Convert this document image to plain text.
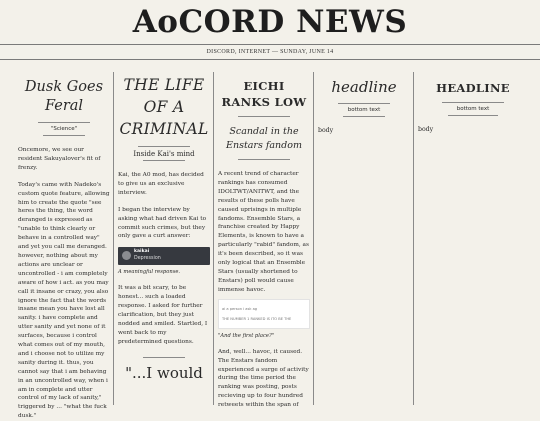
AoCORD NEWS
DISCORD, INTERNET — SUNDAY, JUNE 14
Dusk Goes Feral
"Science"

Oncemore, we see our resident Sakuyalover's fit of frenzy.

Today's came with Nadeko's custom quote feature, allowing him to create the quote "see heres the thing, the word deranged is expressed as "unable to think clearly or behave in a controlled way" and yet you call me deranged. however, nothing about my actions are unclear or uncontrolled - i am completely aware of how i act. as you may call it insane or crazy, you also ignore the fact that the words insane mean you have lost all sanity. i have complete and utter sanity and yet none of it surfaces, because i control what comes out of my mouth, and i choose not to utilize my sanity during it. thus, you cannot say that i am behaving in an uncontrolled way, when i am in complete and utter control of my lack of sanity," triggered by ... "what the fuck dusk."

THE LIFE OF A CRIMINAL
Inside Kai's mind

Kai, the A0 mod, has decided to give us an exclusive interview.

I began the interview by asking what had driven Kai to commit such crimes, but they only gave a curt answer:

kaikai
Depression
A meaningful response.

It was a bit scary, to be honest... such a loaded response. I asked for further clarification, but they just nodded and smiled. Startled, I went back to my predetermined questions.

"...I would
EICHI RANKS LOW
Scandal in the Enstars fandom

A recent trend of character rankings has consumed IDOLTWT/ANITWT, and the results of these polls have caused uprisings in multiple fandoms. Ensemble Stars, a franchise created by Happy Elements, is known to have a particularly "rabid" fandom, as it's been described, so it was only logical that an Ensemble Stars (usually shortened to Enstars) poll would cause immense havoc.

ai a person i ask ag
THE NUMBER 1 RANKED IS ITO BE THE
"And the first place?"

And, well... havoc, it caused. The Enstars fandom experienced a surge of activity during the time period the ranking was posting, posts recieving up to four hundred retweets within the span of

headline
bottom text
body
HEADLINE
bottom text
body
